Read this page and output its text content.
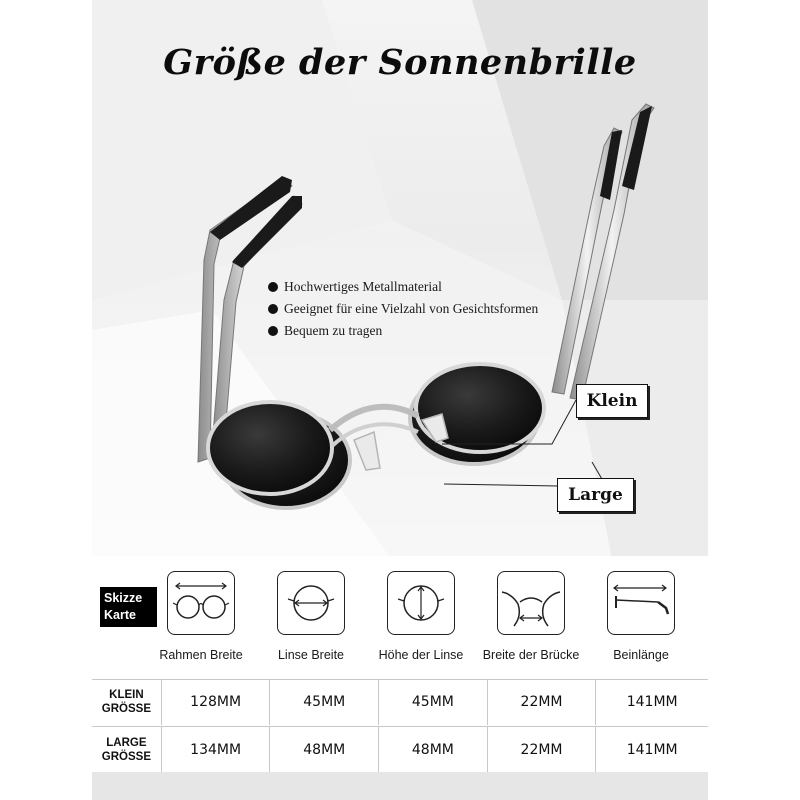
Größe der Sonnenbrille
Hochwertiges Metallmaterial
Geeignet für eine Vielzahl von Gesichtsformen
Bequem zu tragen
Klein
Large
Skizze
Karte
Rahmen Breite	Linse Breite	Höhe der Linse	Breite der Brücke	Beinlänge
KLEIN
GRÖSSE	128MM	45MM	45MM	22MM	141MM
LARGE
GRÖSSE	134MM	48MM	48MM	22MM	141MM
